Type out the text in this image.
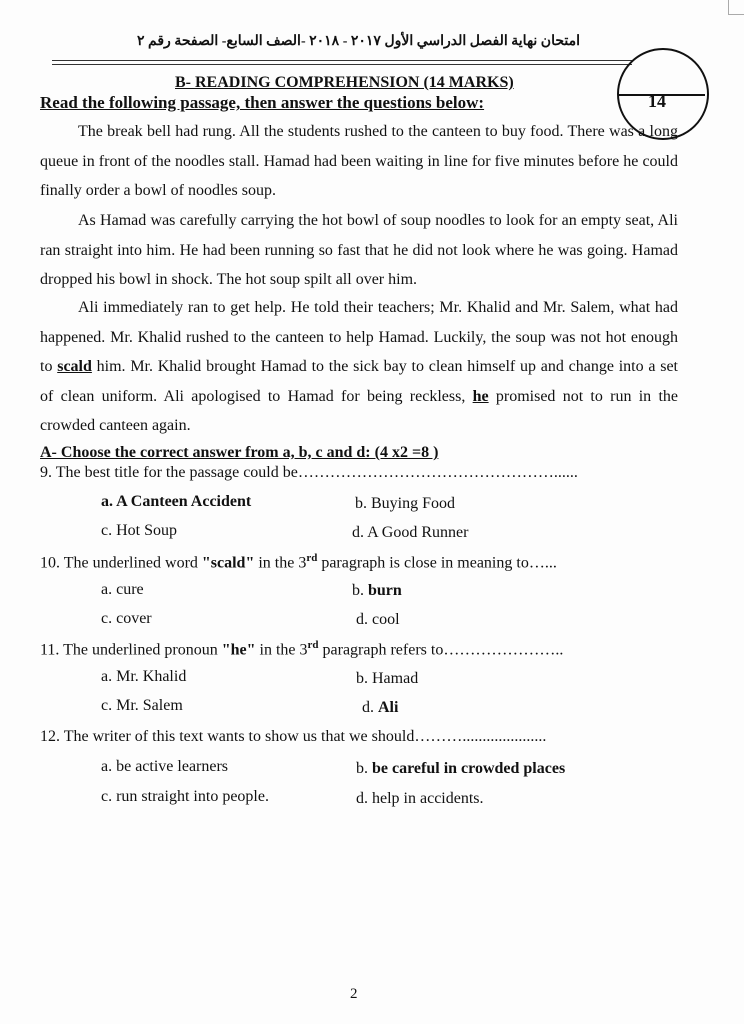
امتحان نهاية الفصل الدراسي الأول ٢٠١٧ - ٢٠١٨ -الصف السابع- الصفحة رقم ٢
14
B- READING COMPREHENSION (14 MARKS)
Read the following passage, then answer the questions below:

The break bell had rung. All the students rushed to the canteen to buy food. There was a long queue in front of the noodles stall. Hamad had been waiting in line for five minutes before he could finally order a bowl of noodles soup.

As Hamad was carefully carrying the hot bowl of soup noodles to look for an empty seat, Ali ran straight into him. He had been running so fast that he did not look where he was going. Hamad dropped his bowl in shock. The hot soup spilt all over him.

Ali immediately ran to get help. He told their teachers; Mr. Khalid and Mr. Salem, what had happened. Mr. Khalid rushed to the canteen to help Hamad. Luckily, the soup was not hot enough to scald him. Mr. Khalid brought Hamad to the sick bay to clean himself up and change into a set of clean uniform. Ali apologised to Hamad for being reckless, he promised not to run in the crowded canteen again.

A- Choose the correct answer from a, b, c and d: (4 x2 =8 )
9. The best title for the passage could be…………………………………………......
a. A Canteen Accident	b. Buying Food
c. Hot Soup	d. A Good Runner
10. The underlined word "scald" in the 3rd paragraph is close in meaning to…...
a. cure	b. burn
c. cover	d. cool
11. The underlined pronoun "he" in the 3rd paragraph refers to…………………..
a. Mr. Khalid	b. Hamad
c. Mr. Salem	d. Ali
12. The writer of this text wants to show us that we should……….....................
a. be active learners	b. be careful in crowded places
c. run straight into people.	d. help in accidents.
2
